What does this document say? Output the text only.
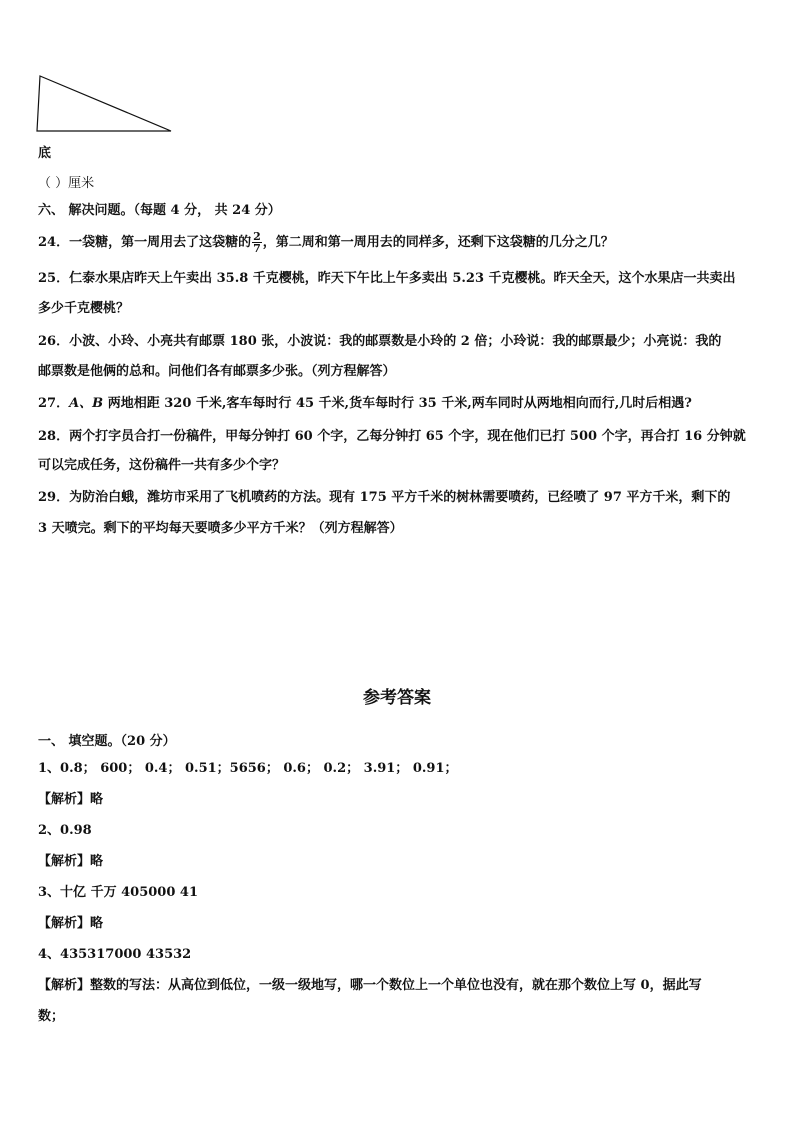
底
（ ）厘米
六、 解决问题。（每题 4 分， 共 24 分）
24．一袋糖，第一周用去了这袋糖的 $\frac{2}{7}$ ，第二周和第一周用去的同样多，还剩下这袋糖的几分之几？
25．仁泰水果店昨天上午卖出 35.8 千克樱桃，昨天下午比上午多卖出 5.23 千克樱桃。昨天全天，这个水果店一共卖出
多少千克樱桃？
26．小波、小玲、小亮共有邮票 180 张，小波说：我的邮票数是小玲的 2 倍；小玲说：我的邮票最少；小亮说：我的
邮票数是他俩的总和。问他们各有邮票多少张。（列方程解答）
27．A、B 两地相距 320 千米,客车每时行 45 千米,货车每时行 35 千米,两车同时从两地相向而行,几时后相遇?
28．两个打字员合打一份稿件，甲每分钟打 60 个字，乙每分钟打 65 个字，现在他们已打 500 个字，再合打 16 分钟就
可以完成任务，这份稿件一共有多少个字？
29．为防治白蛾，潍坊市采用了飞机喷药的方法。现有 175 平方千米的树林需要喷药，已经喷了 97 平方千米，剩下的
3 天喷完。剩下的平均每天要喷多少平方千米？（列方程解答）
参考答案
一、 填空题。（20 分）
1、0.8； 600； 0.4； 0.51；5656； 0.6； 0.2； 3.91； 0.91；
【解析】略
2、0.98
【解析】略
3、十亿 千万 405000 41
【解析】略
4、435317000 43532
【解析】整数的写法：从高位到低位，一级一级地写，哪一个数位上一个单位也没有，就在那个数位上写 0，据此写
数；
